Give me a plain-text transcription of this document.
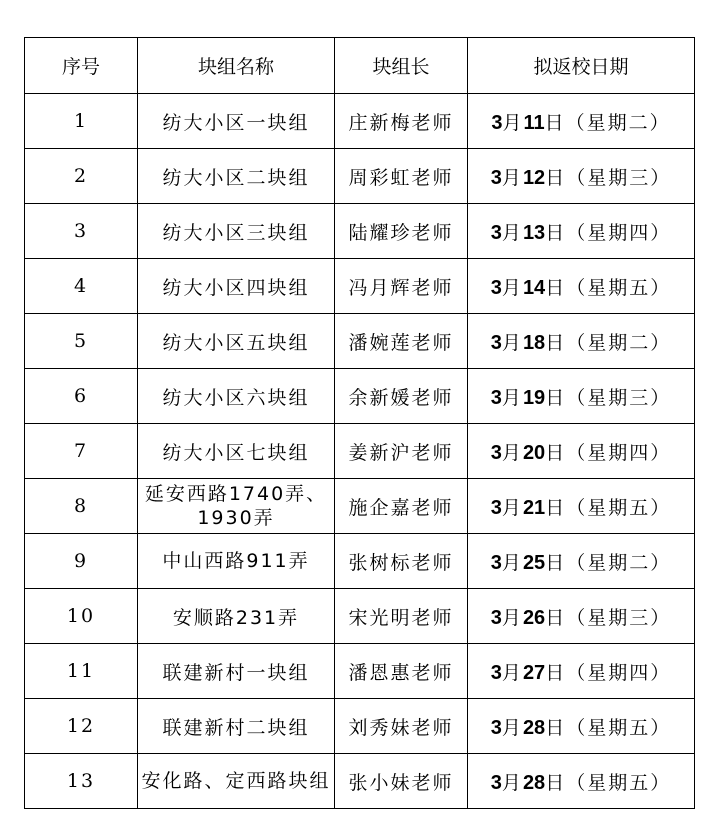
序号	块组名称	块组长	拟返校日期
1	纺大小区一块组	庄新梅老师	3月11日（星期二）
2	纺大小区二块组	周彩虹老师	3月12日（星期三）
3	纺大小区三块组	陆耀珍老师	3月13日（星期四）
4	纺大小区四块组	冯月辉老师	3月14日（星期五）
5	纺大小区五块组	潘婉莲老师	3月18日（星期二）
6	纺大小区六块组	余新媛老师	3月19日（星期三）
7	纺大小区七块组	姜新沪老师	3月20日（星期四）
8	延安西路1740弄、1930弄	施企嘉老师	3月21日（星期五）
9	中山西路911弄	张树标老师	3月25日（星期二）
10	安顺路231弄	宋光明老师	3月26日（星期三）
11	联建新村一块组	潘恩惠老师	3月27日（星期四）
12	联建新村二块组	刘秀妹老师	3月28日（星期五）
13	安化路、定西路块组	张小妹老师	3月28日（星期五）
